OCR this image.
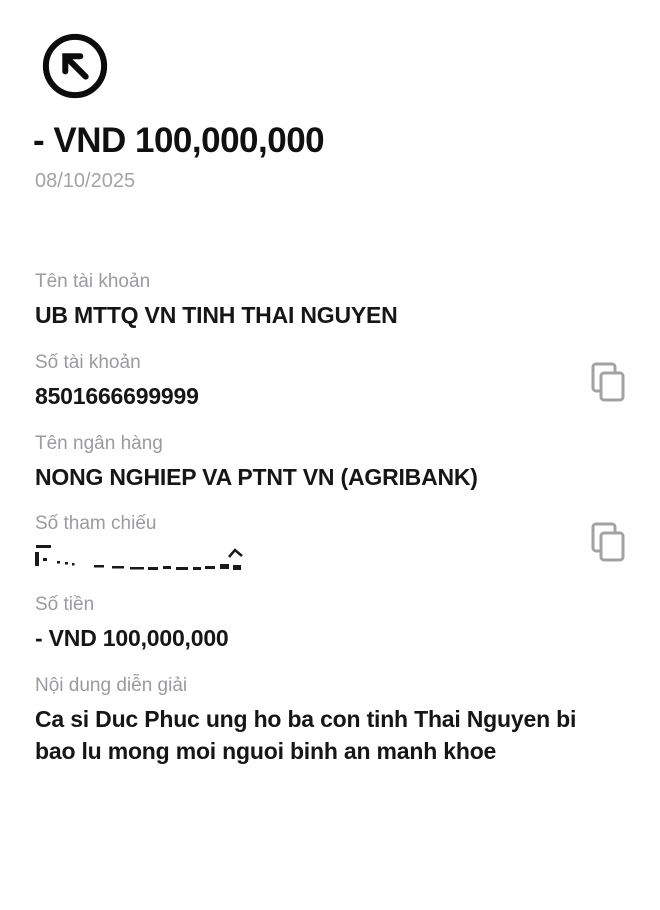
- VND 100,000,000
08/10/2025
Tên tài khoản
UB MTTQ VN TINH THAI NGUYEN
Số tài khoản
8501666699999
Tên ngân hàng
NONG NGHIEP VA PTNT VN (AGRIBANK)
Số tham chiếu
Số tiền
- VND 100,000,000
Nội dung diễn giải
Ca si Duc Phuc ung ho ba con tinh Thai Nguyen bi bao lu mong moi nguoi binh an manh khoe
